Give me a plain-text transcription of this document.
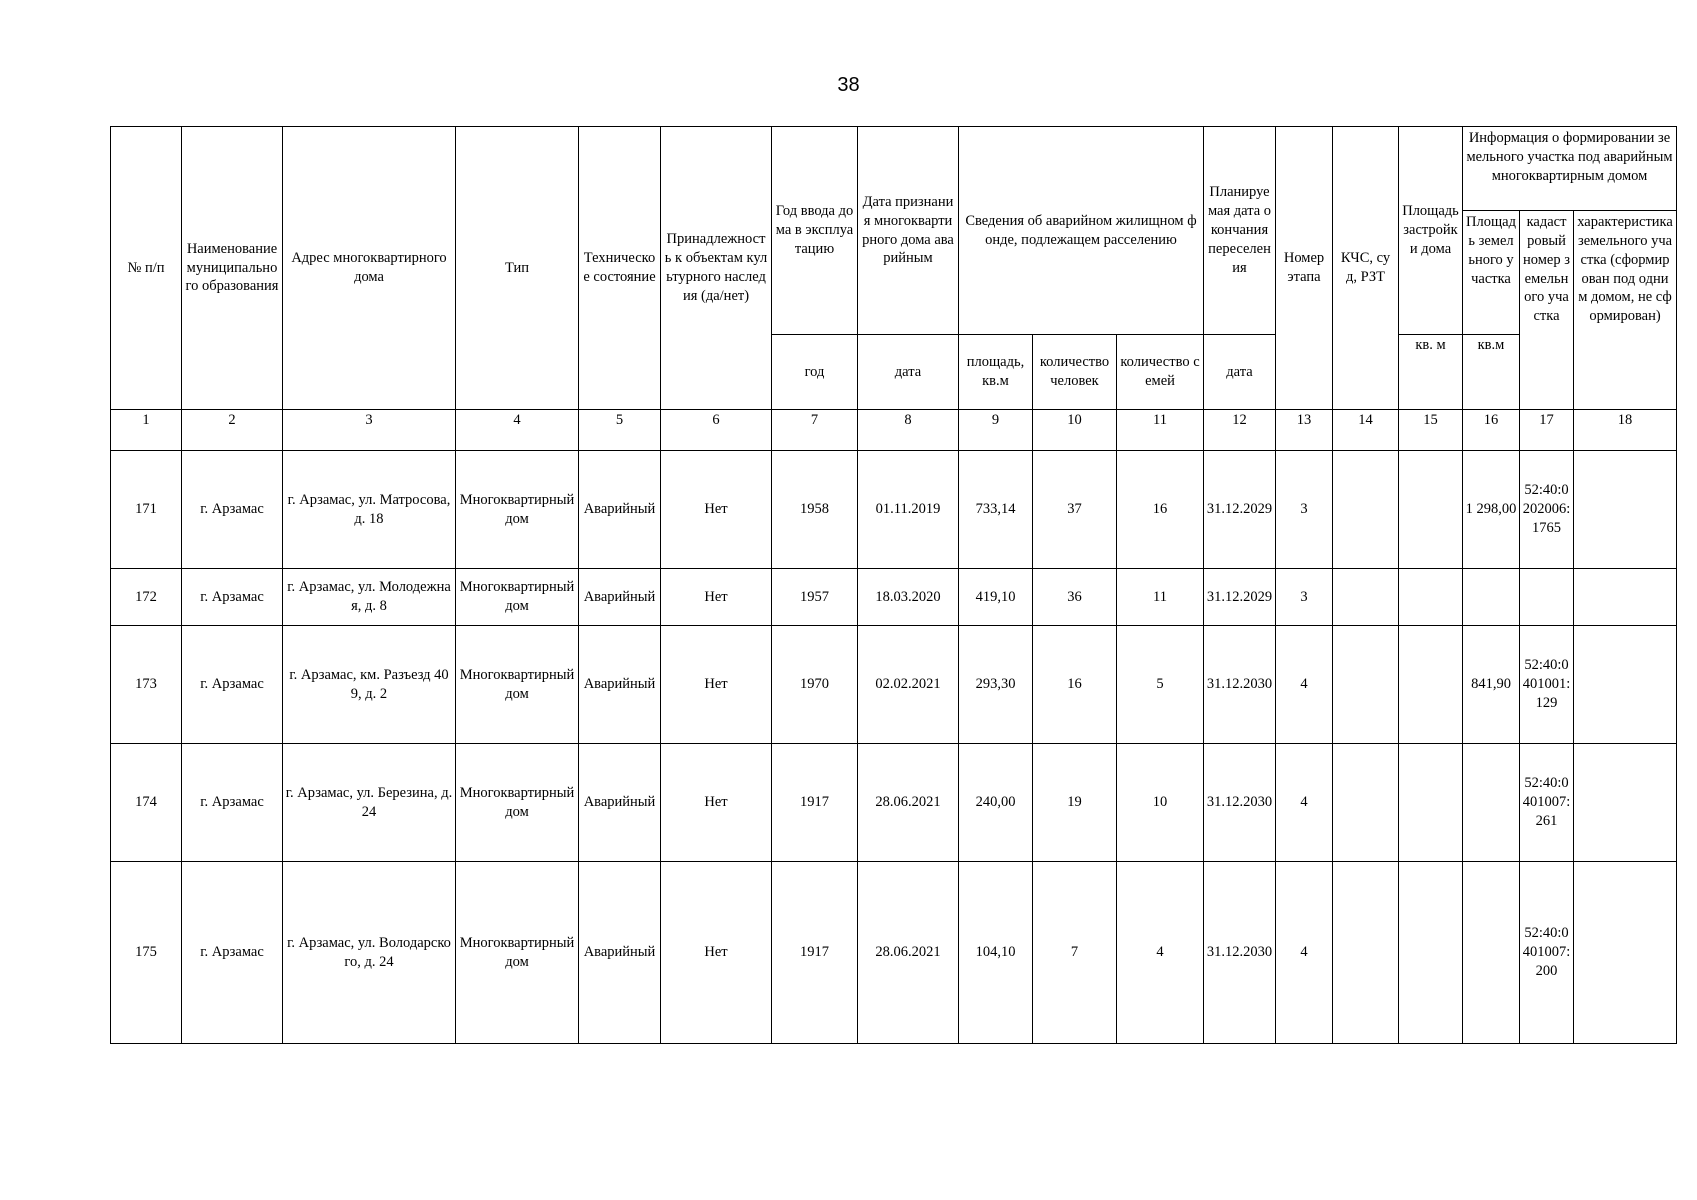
38
№ п/п	Наименование муниципального образования	Адрес многоквартирного дома	Тип	Техническое состояние	Принадлежность к объектам культурного наследия (да/нет)	Год ввода дома в эксплуатацию	Дата признания многоквартирного дома аварийным	Сведения об аварийном жилищном фонде, подлежащем расселению			Планируемая дата окончания переселения	Номер этапа	КЧС, суд, РЗТ	Площадь застройки дома	Информация о формировании земельного участка под аварийным многоквартирным домом		
															Площадь земельного участка	кадастровый номер земельного участка	характеристика земельного участка (сформирован под одним домом, не сформирован)
						год	дата	площадь, кв.м	количество человек	количество семей	дата			кв. м	кв.м		
1	2	3	4	5	6	7	8	9	10	11	12	13	14	15	16	17	18
171	г. Арзамас	г. Арзамас, ул. Матросова, д. 18	Многоквартирный дом	Аварийный	Нет	1958	01.11.2019	733,14	37	16	31.12.2029	3			1 298,00	52:40:0202006:1765	
172	г. Арзамас	г. Арзамас, ул. Молодежная, д. 8	Многоквартирный дом	Аварийный	Нет	1957	18.03.2020	419,10	36	11	31.12.2029	3					
173	г. Арзамас	г. Арзамас, км. Разъезд 409, д. 2	Многоквартирный дом	Аварийный	Нет	1970	02.02.2021	293,30	16	5	31.12.2030	4			841,90	52:40:0401001:129	
174	г. Арзамас	г. Арзамас, ул. Березина, д. 24	Многоквартирный дом	Аварийный	Нет	1917	28.06.2021	240,00	19	10	31.12.2030	4				52:40:0401007:261	
175	г. Арзамас	г. Арзамас, ул. Володарского, д. 24	Многоквартирный дом	Аварийный	Нет	1917	28.06.2021	104,10	7	4	31.12.2030	4				52:40:0401007:200	
